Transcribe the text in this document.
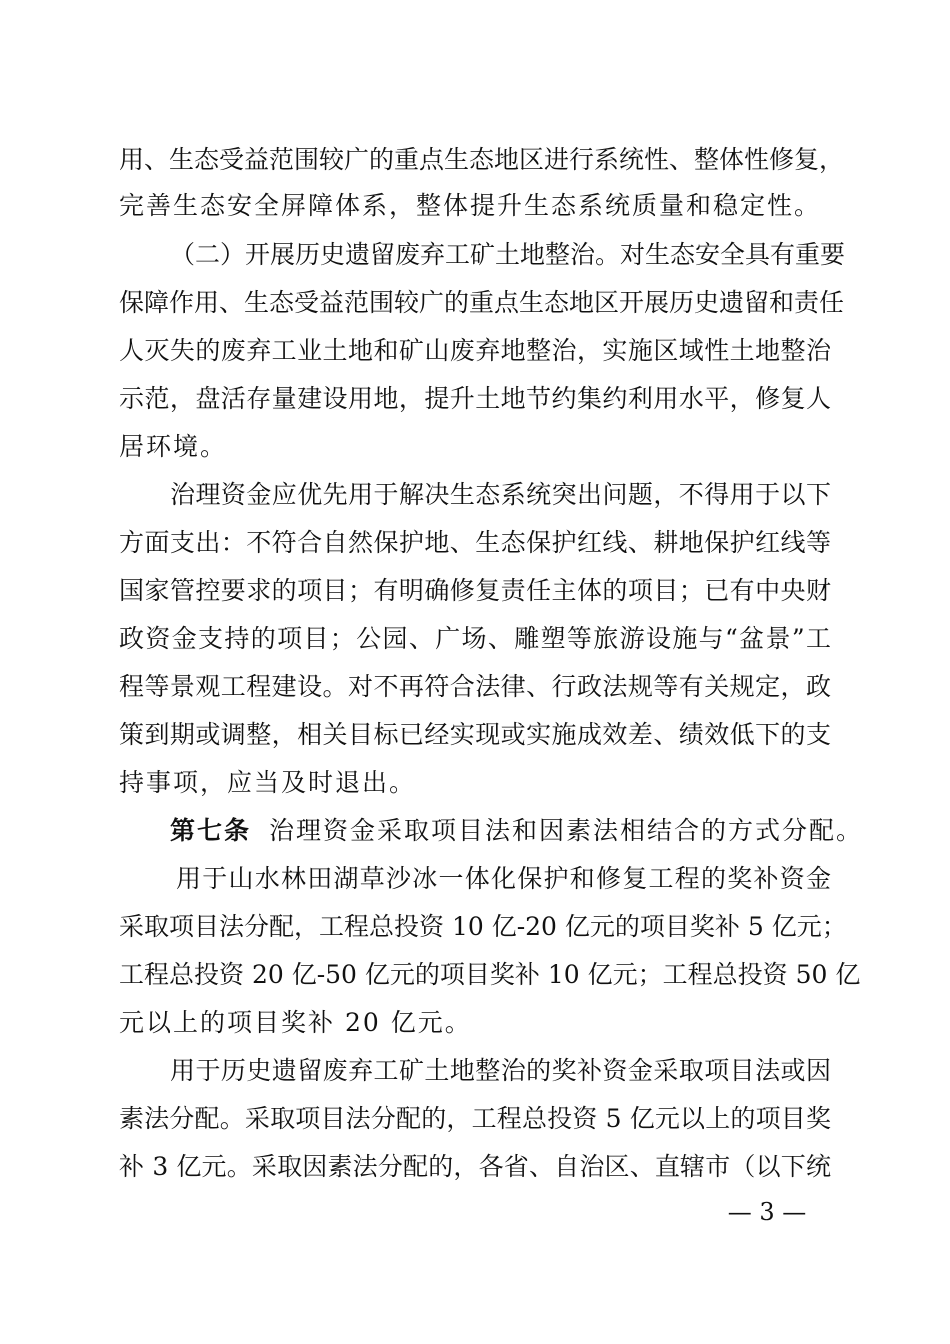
用、生态受益范围较广的重点生态地区进行系统性、整体性修复，
完善生态安全屏障体系，整体提升生态系统质量和稳定性。
（二）开展历史遗留废弃工矿土地整治。对生态安全具有重要
保障作用、生态受益范围较广的重点生态地区开展历史遗留和责任
人灭失的废弃工业土地和矿山废弃地整治，实施区域性土地整治
示范，盘活存量建设用地，提升土地节约集约利用水平，修复人
居环境。
治理资金应优先用于解决生态系统突出问题，不得用于以下
方面支出：不符合自然保护地、生态保护红线、耕地保护红线等
国家管控要求的项目；有明确修复责任主体的项目；已有中央财
政资金支持的项目；公园、广场、雕塑等旅游设施与“盆景”工
程等景观工程建设。对不再符合法律、行政法规等有关规定，政
策到期或调整，相关目标已经实现或实施成效差、绩效低下的支
持事项，应当及时退出。
第七条 治理资金采取项目法和因素法相结合的方式分配。
用于山水林田湖草沙冰一体化保护和修复工程的奖补资金
采取项目法分配，工程总投资 10 亿-20 亿元的项目奖补 5 亿元；
工程总投资 20 亿-50 亿元的项目奖补 10 亿元；工程总投资 50 亿
元以上的项目奖补 20 亿元。
用于历史遗留废弃工矿土地整治的奖补资金采取项目法或因
素法分配。采取项目法分配的，工程总投资 5 亿元以上的项目奖
补 3 亿元。采取因素法分配的，各省、自治区、直辖市（以下统
— 3 —
